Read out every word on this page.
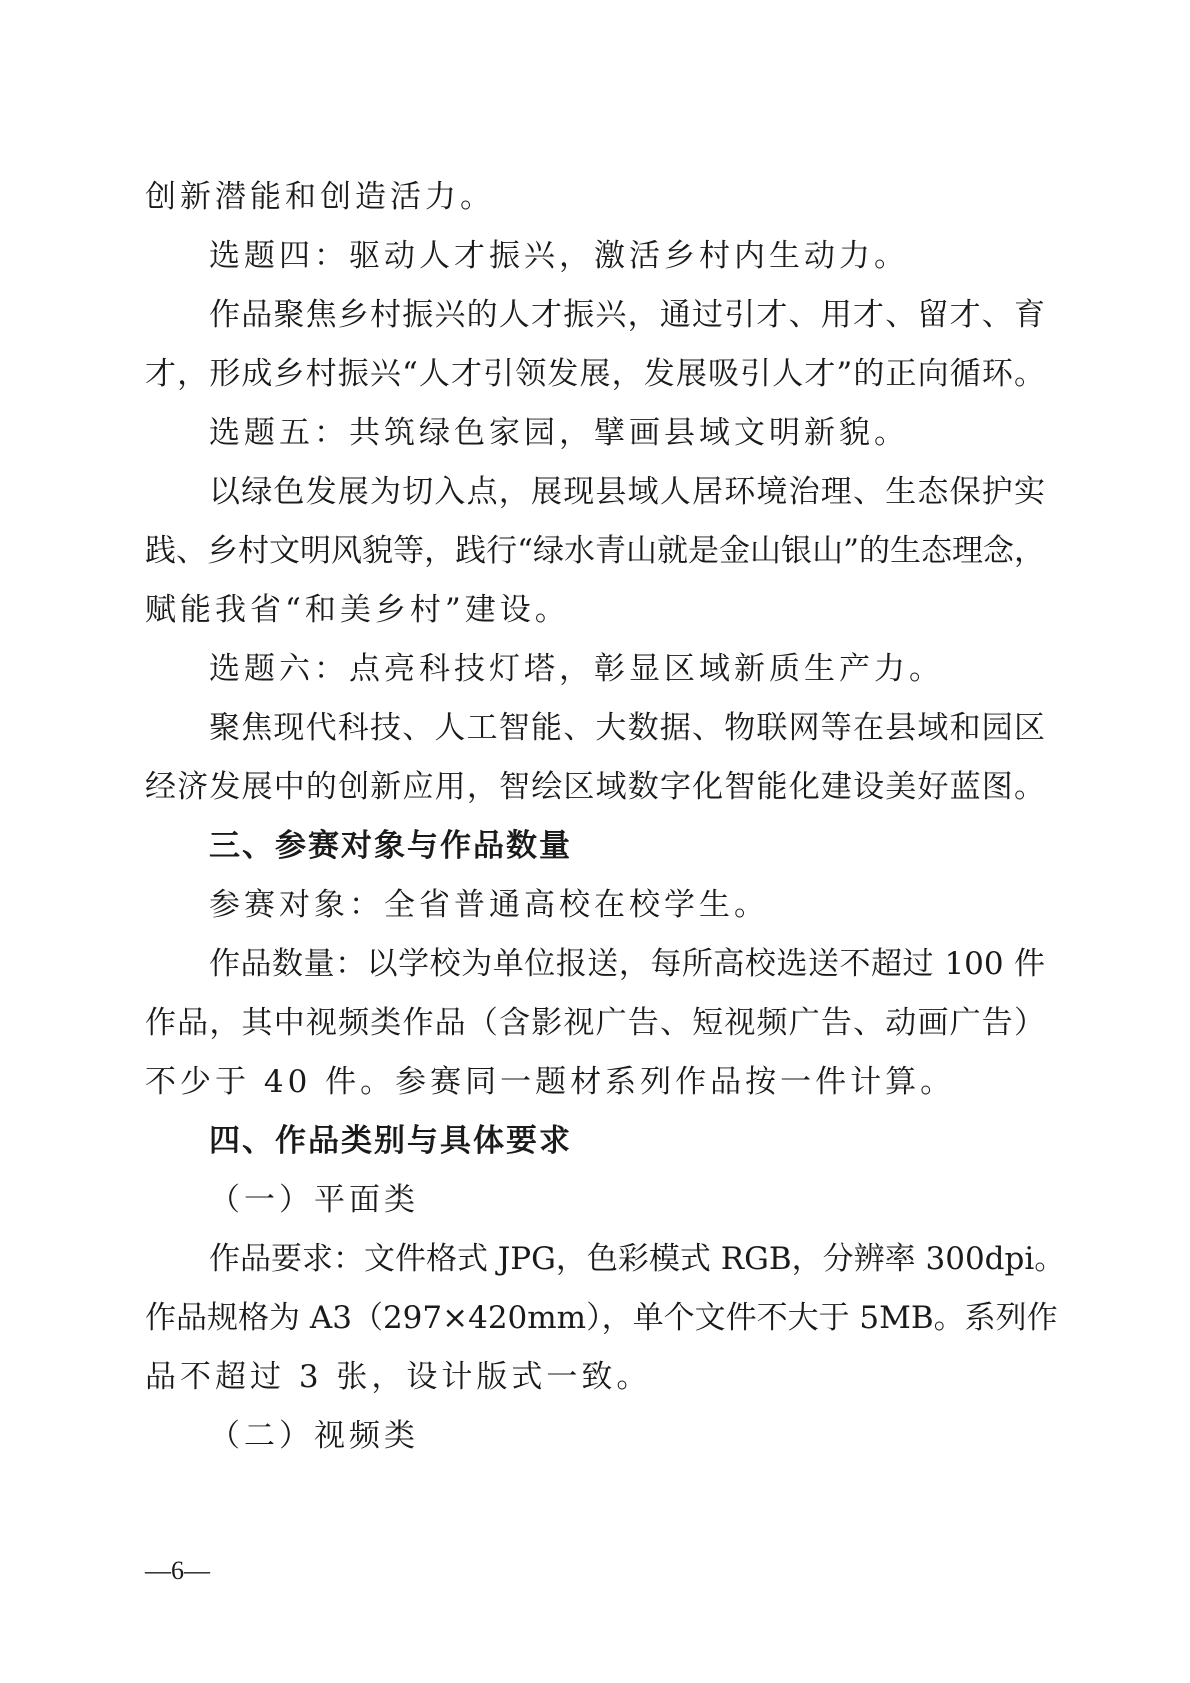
创新潜能和创造活力。
选题四：驱动人才振兴，激活乡村内生动力。
作品聚焦乡村振兴的人才振兴，通过引才、用才、留才、育
才，形成乡村振兴“人才引领发展，发展吸引人才”的正向循环。
选题五：共筑绿色家园，擘画县域文明新貌。
以绿色发展为切入点，展现县域人居环境治理、生态保护实
践、乡村文明风貌等，践行“绿水青山就是金山银山”的生态理念，
赋能我省“和美乡村”建设。
选题六：点亮科技灯塔，彰显区域新质生产力。
聚焦现代科技、人工智能、大数据、物联网等在县域和园区
经济发展中的创新应用，智绘区域数字化智能化建设美好蓝图。
三、参赛对象与作品数量
参赛对象：全省普通高校在校学生。
作品数量：以学校为单位报送，每所高校选送不超过 100 件
作品，其中视频类作品（含影视广告、短视频广告、动画广告）
不少于 40 件。参赛同一题材系列作品按一件计算。
四、作品类别与具体要求
（一）平面类
作品要求：文件格式 JPG，色彩模式 RGB，分辨率 300dpi。
作品规格为 A3（297×420mm），单个文件不大于 5MB。系列作
品不超过 3 张，设计版式一致。
（二）视频类
—6—
